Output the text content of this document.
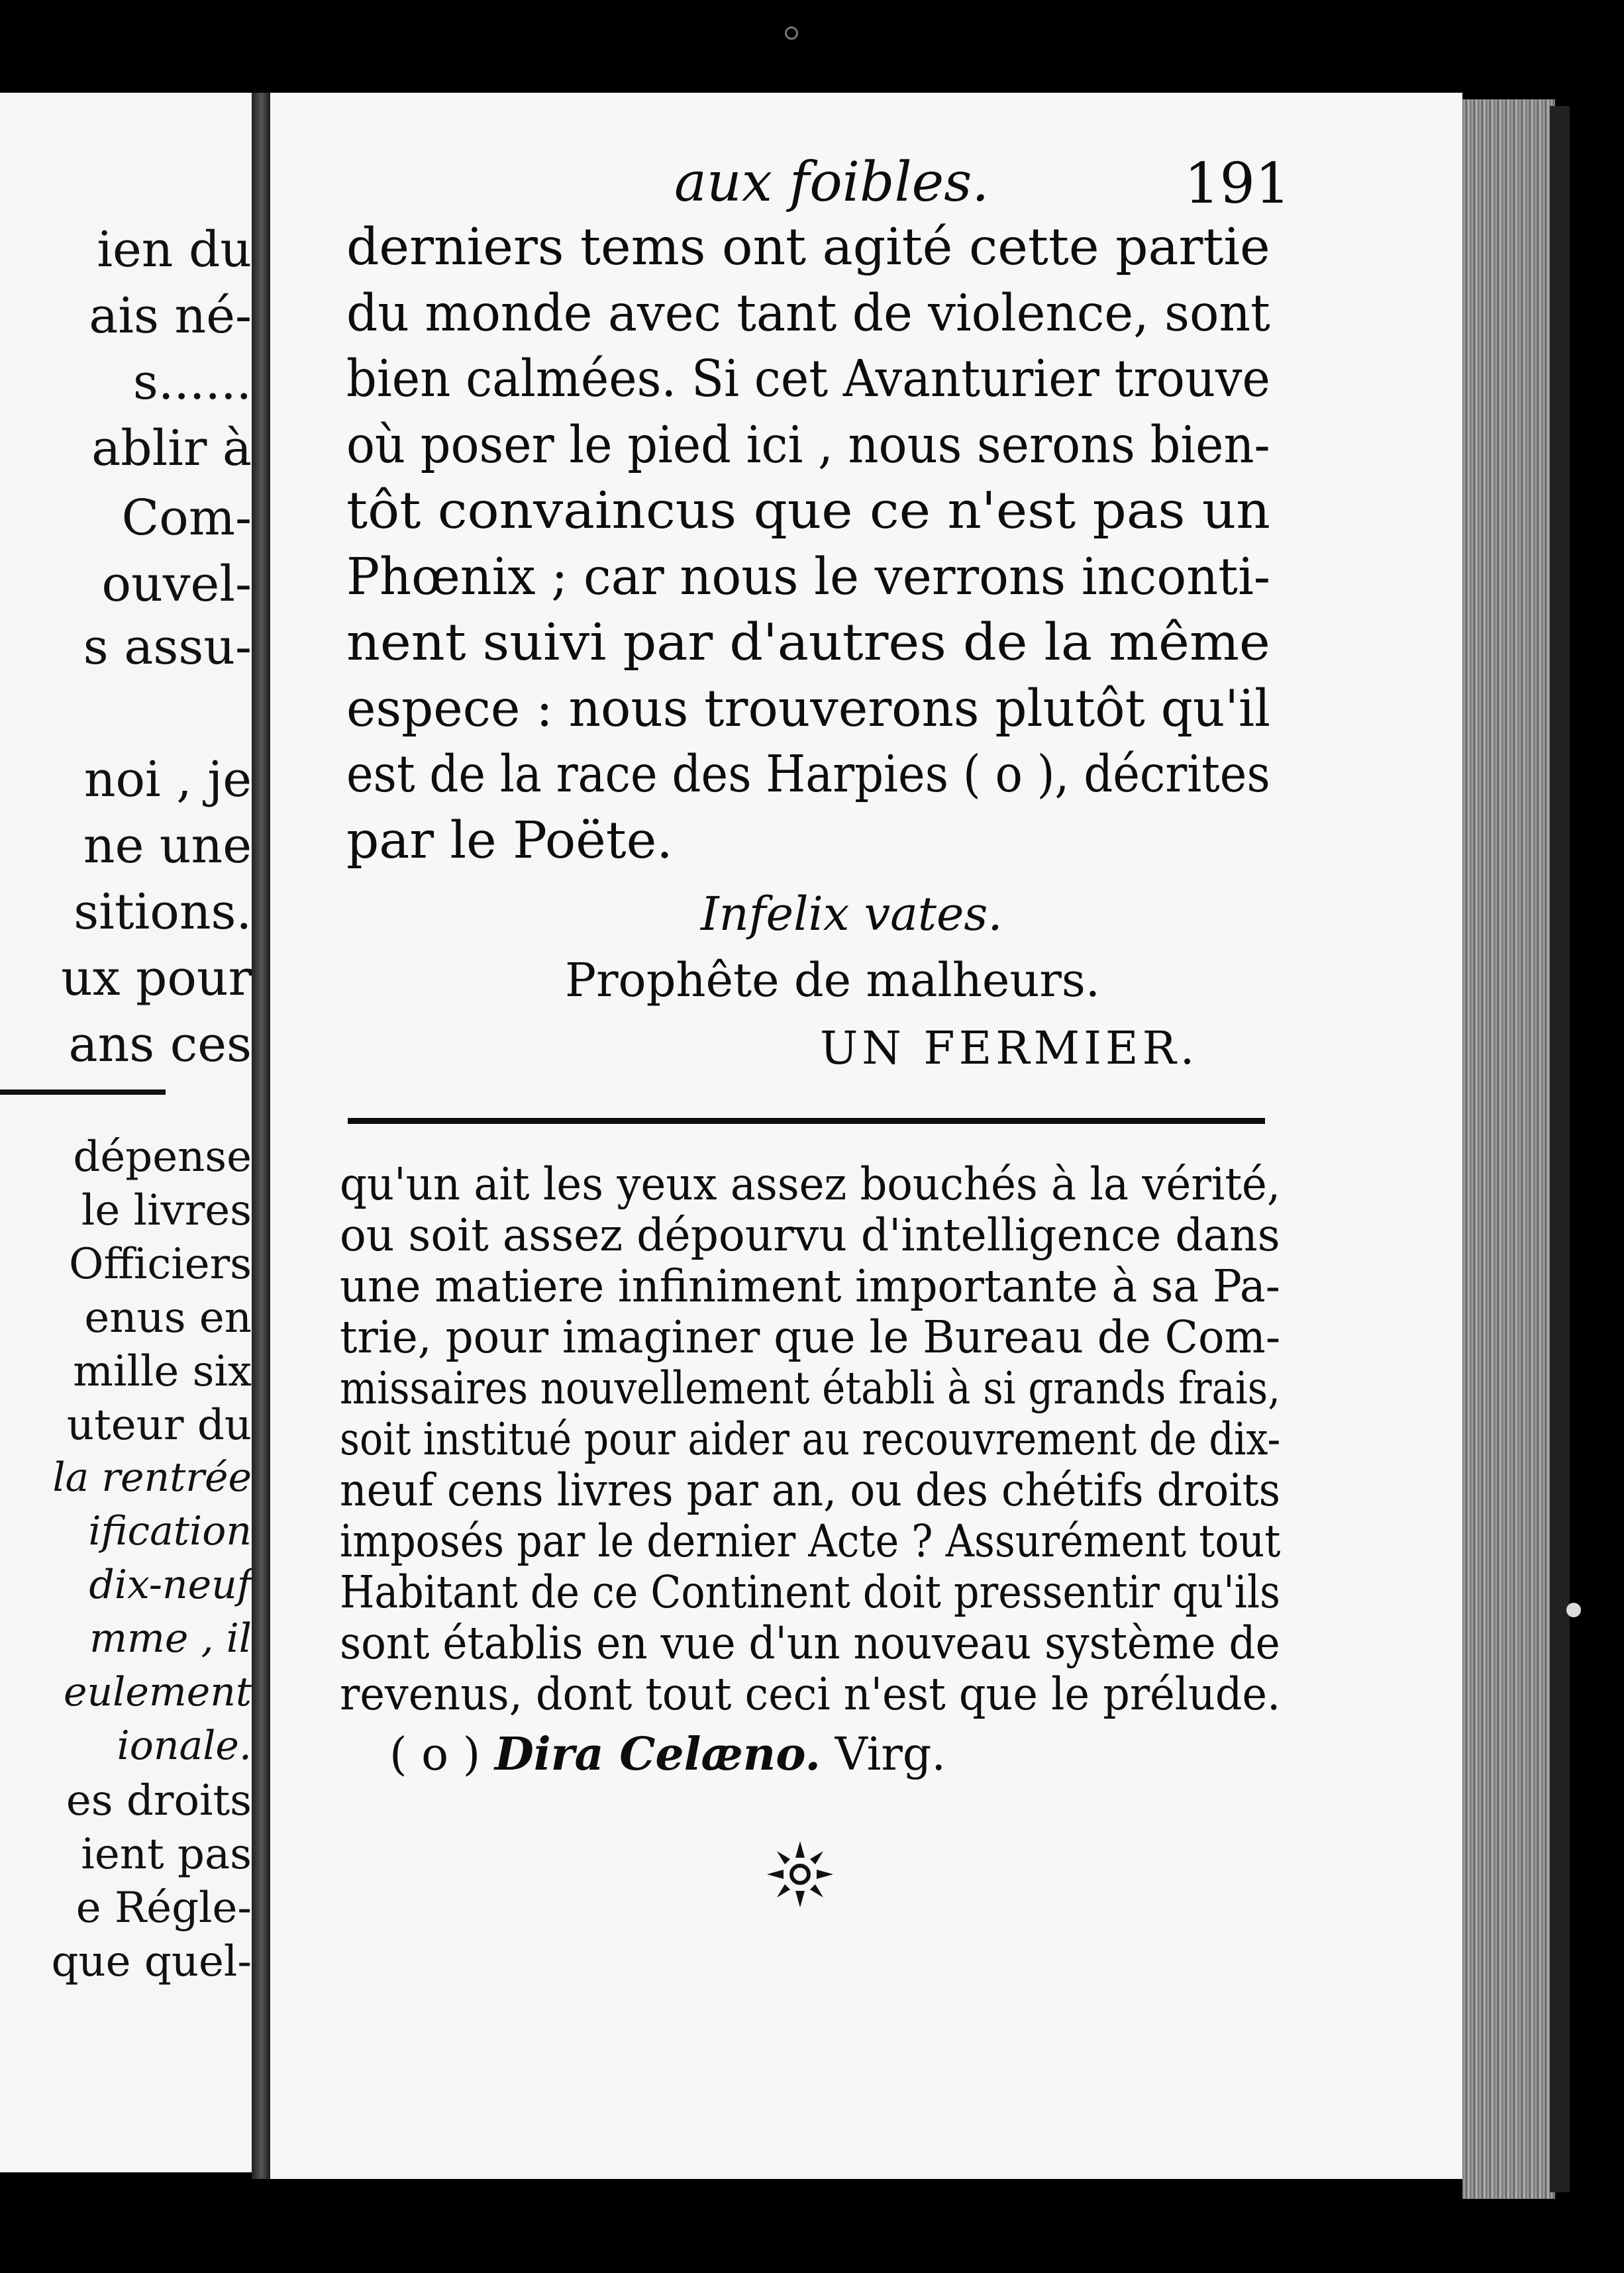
ien du
ais né-
s......
ablir à
Com-
ouvel-
s assu-
noi , je
ne une
sitions.
ux pour
ans ces
dépense
le livres
Officiers
enus en
mille six
uteur du
la rentrée
ification
dix-neuf
mme , il
eulement
ionale.
es droits
ient pas
e Régle-
que quel-
aux foibles.	191
derniers tems ont agité cette partie
du monde avec tant de violence, sont
bien calmées. Si cet Avanturier trouve
où poser le pied ici , nous serons bien-
tôt convaincus que ce n'est pas un
Phœnix ; car nous le verrons inconti-
nent suivi par d'autres de la même
espece : nous trouverons plutôt qu'il
est de la race des Harpies ( o ), décrites
par le Poëte.
Infelix vates.
Prophête de malheurs.
UN FERMIER.
qu'un ait les yeux assez bouchés à la vérité,
ou soit assez dépourvu d'intelligence dans
une matiere infiniment importante à sa Pa-
trie, pour imaginer que le Bureau de Com-
missaires nouvellement établi à si grands frais,
soit institué pour aider au recouvrement de dix-
neuf cens livres par an, ou des chétifs droits
imposés par le dernier Acte ? Assurément tout
Habitant de ce Continent doit pressentir qu'ils
sont établis en vue d'un nouveau système de
revenus, dont tout ceci n'est que le prélude.
( o ) Dira Celæno. Virg.
